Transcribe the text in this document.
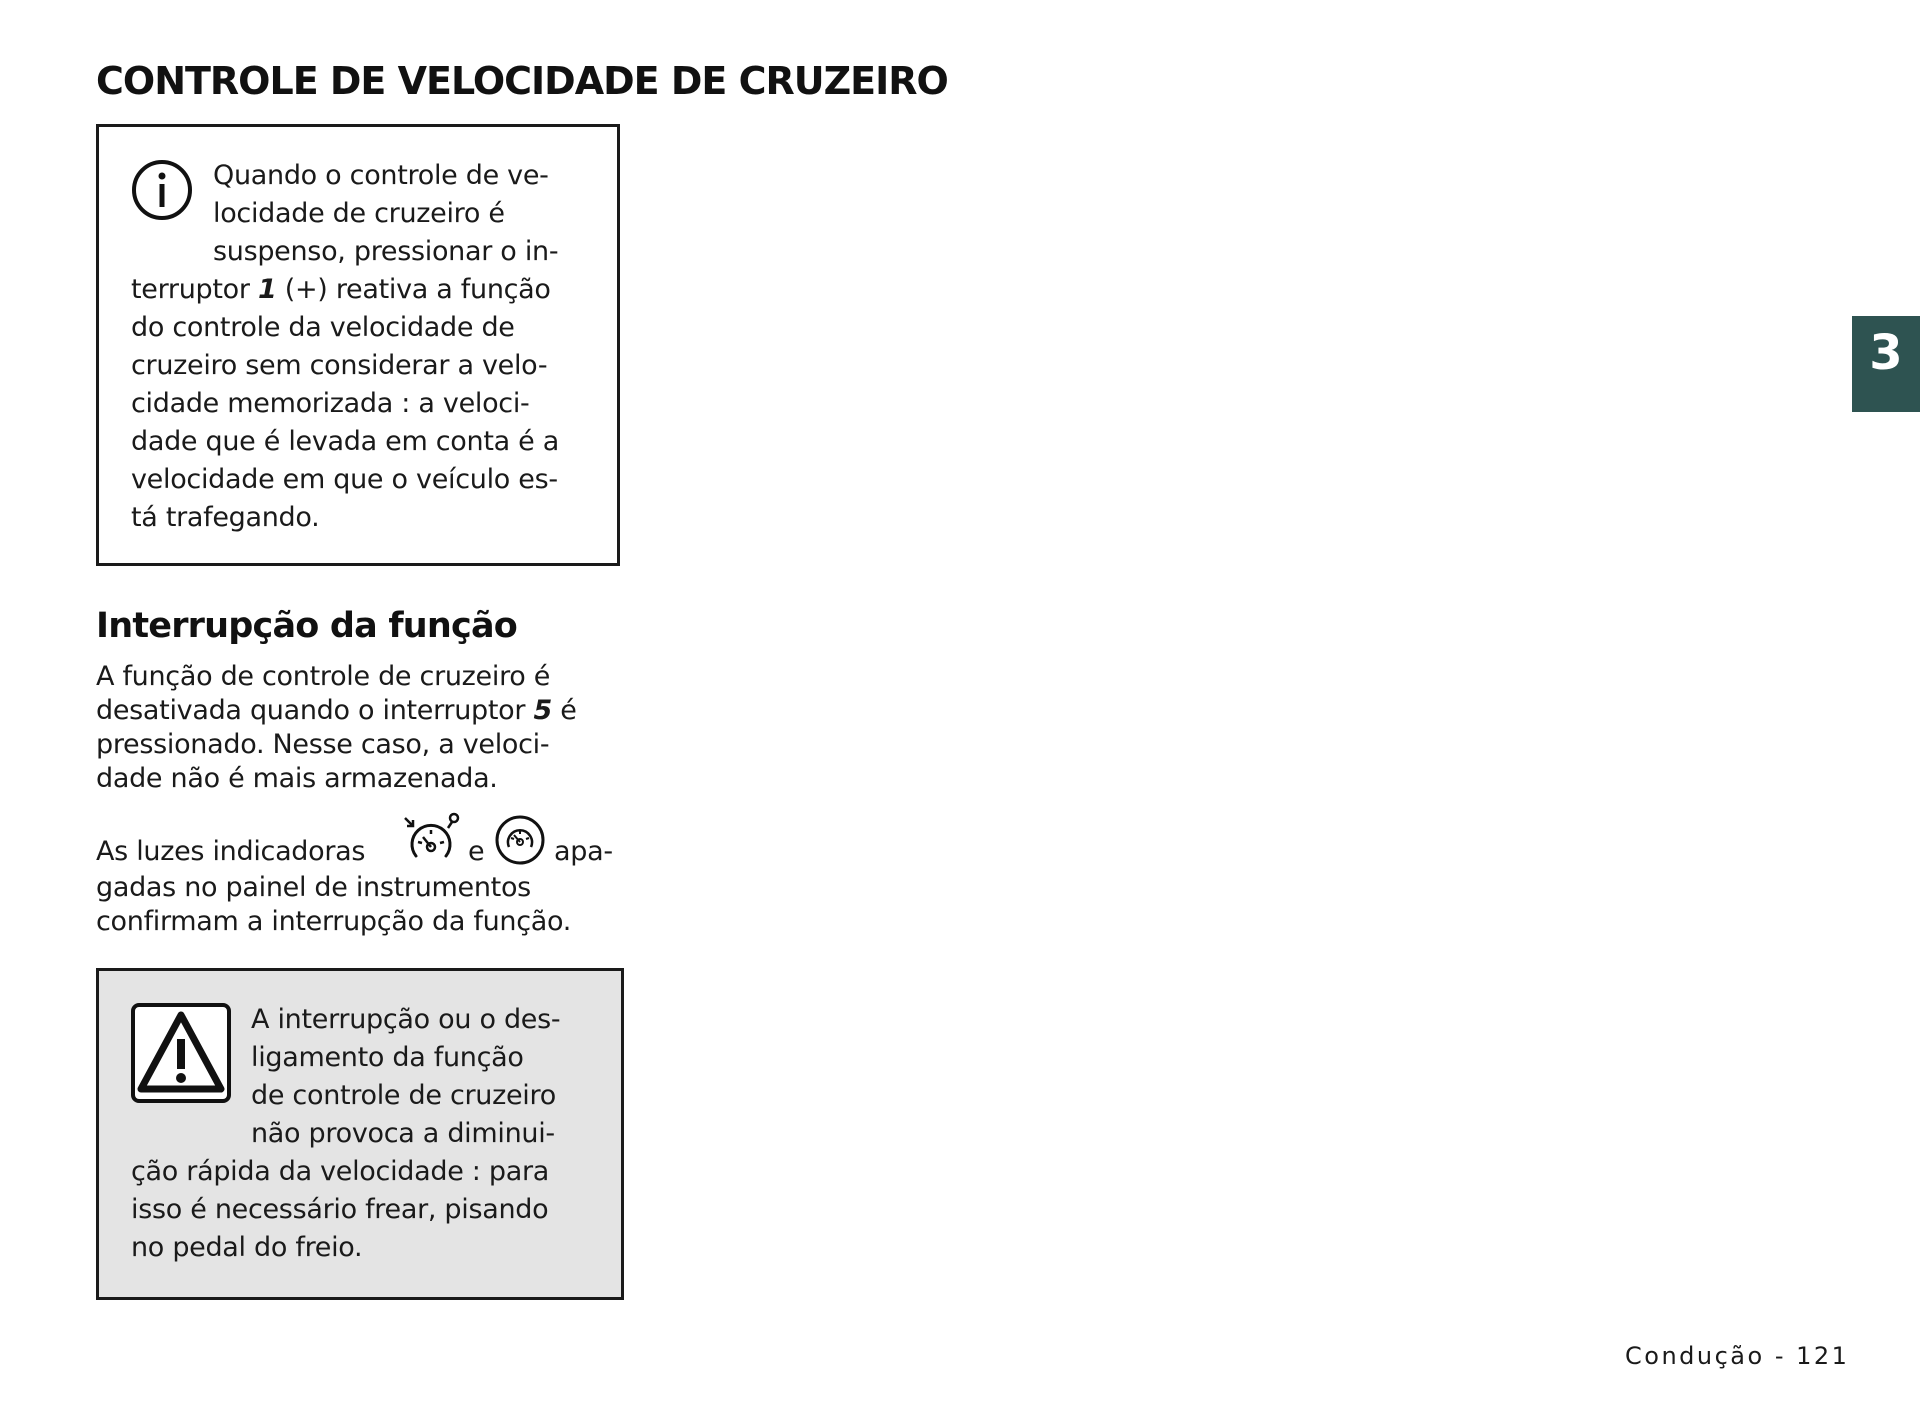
CONTROLE DE VELOCIDADE DE CRUZEIRO
Quando o controle de ve-
locidade de cruzeiro é
suspenso, pressionar o in-
terruptor 1 (+) reativa a função
do controle da velocidade de
cruzeiro sem considerar a velo-
cidade memorizada : a veloci-
dade que é levada em conta é a
velocidade em que o veículo es-
tá trafegando.
Interrupção da função
A função de controle de cruzeiro é
desativada quando o interruptor 5 é
pressionado. Nesse caso, a veloci-
dade não é mais armazenada.
As luzes indicadoras	e	apa-
gadas no painel de instrumentos
confirmam a interrupção da função.
A interrupção ou o des-
ligamento da função
de controle de cruzeiro
não provoca a diminui-
ção rápida da velocidade : para
isso é necessário frear, pisando
no pedal do freio.
3
Condução - 121
